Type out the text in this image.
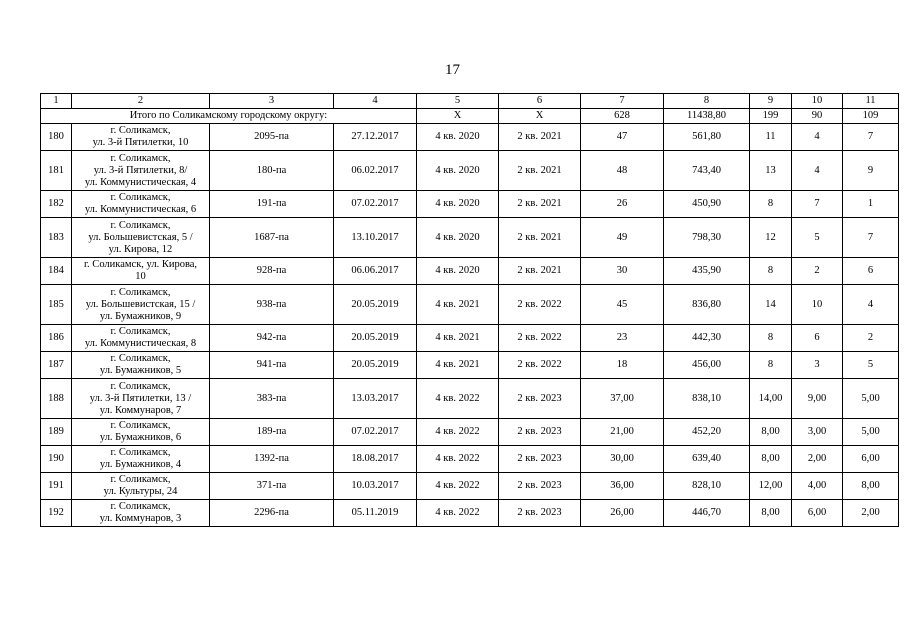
17
1	2	3	4	5	6	7	8	9	10	11
Итого по Соликамскому городскому округу:				Х	Х	628	11438,80	199	90	109
180	г. Соликамск,
ул. 3-й Пятилетки, 10	2095-па	27.12.2017	4 кв. 2020	2 кв. 2021	47	561,80	11	4	7
181	г. Соликамск,
ул. 3-й Пятилетки, 8/
ул. Коммунистическая, 4	180-па	06.02.2017	4 кв. 2020	2 кв. 2021	48	743,40	13	4	9
182	г. Соликамск,
ул. Коммунистическая, 6	191-па	07.02.2017	4 кв. 2020	2 кв. 2021	26	450,90	8	7	1
183	г. Соликамск,
ул. Большевистская, 5 /
ул. Кирова, 12	1687-па	13.10.2017	4 кв. 2020	2 кв. 2021	49	798,30	12	5	7
184	г. Соликамск, ул. Кирова,
10	928-па	06.06.2017	4 кв. 2020	2 кв. 2021	30	435,90	8	2	6
185	г. Соликамск,
ул. Большевистская, 15 /
ул. Бумажников, 9	938-па	20.05.2019	4 кв. 2021	2 кв. 2022	45	836,80	14	10	4
186	г. Соликамск,
ул. Коммунистическая, 8	942-па	20.05.2019	4 кв. 2021	2 кв. 2022	23	442,30	8	6	2
187	г. Соликамск,
ул. Бумажников, 5	941-па	20.05.2019	4 кв. 2021	2 кв. 2022	18	456,00	8	3	5
188	г. Соликамск,
ул. 3-й Пятилетки, 13 /
ул. Коммунаров, 7	383-па	13.03.2017	4 кв. 2022	2 кв. 2023	37,00	838,10	14,00	9,00	5,00
189	г. Соликамск,
ул. Бумажников, 6	189-па	07.02.2017	4 кв. 2022	2 кв. 2023	21,00	452,20	8,00	3,00	5,00
190	г. Соликамск,
ул. Бумажников, 4	1392-па	18.08.2017	4 кв. 2022	2 кв. 2023	30,00	639,40	8,00	2,00	6,00
191	г. Соликамск,
ул. Культуры, 24	371-па	10.03.2017	4 кв. 2022	2 кв. 2023	36,00	828,10	12,00	4,00	8,00
192	г. Соликамск,
ул. Коммунаров, 3	2296-па	05.11.2019	4 кв. 2022	2 кв. 2023	26,00	446,70	8,00	6,00	2,00
